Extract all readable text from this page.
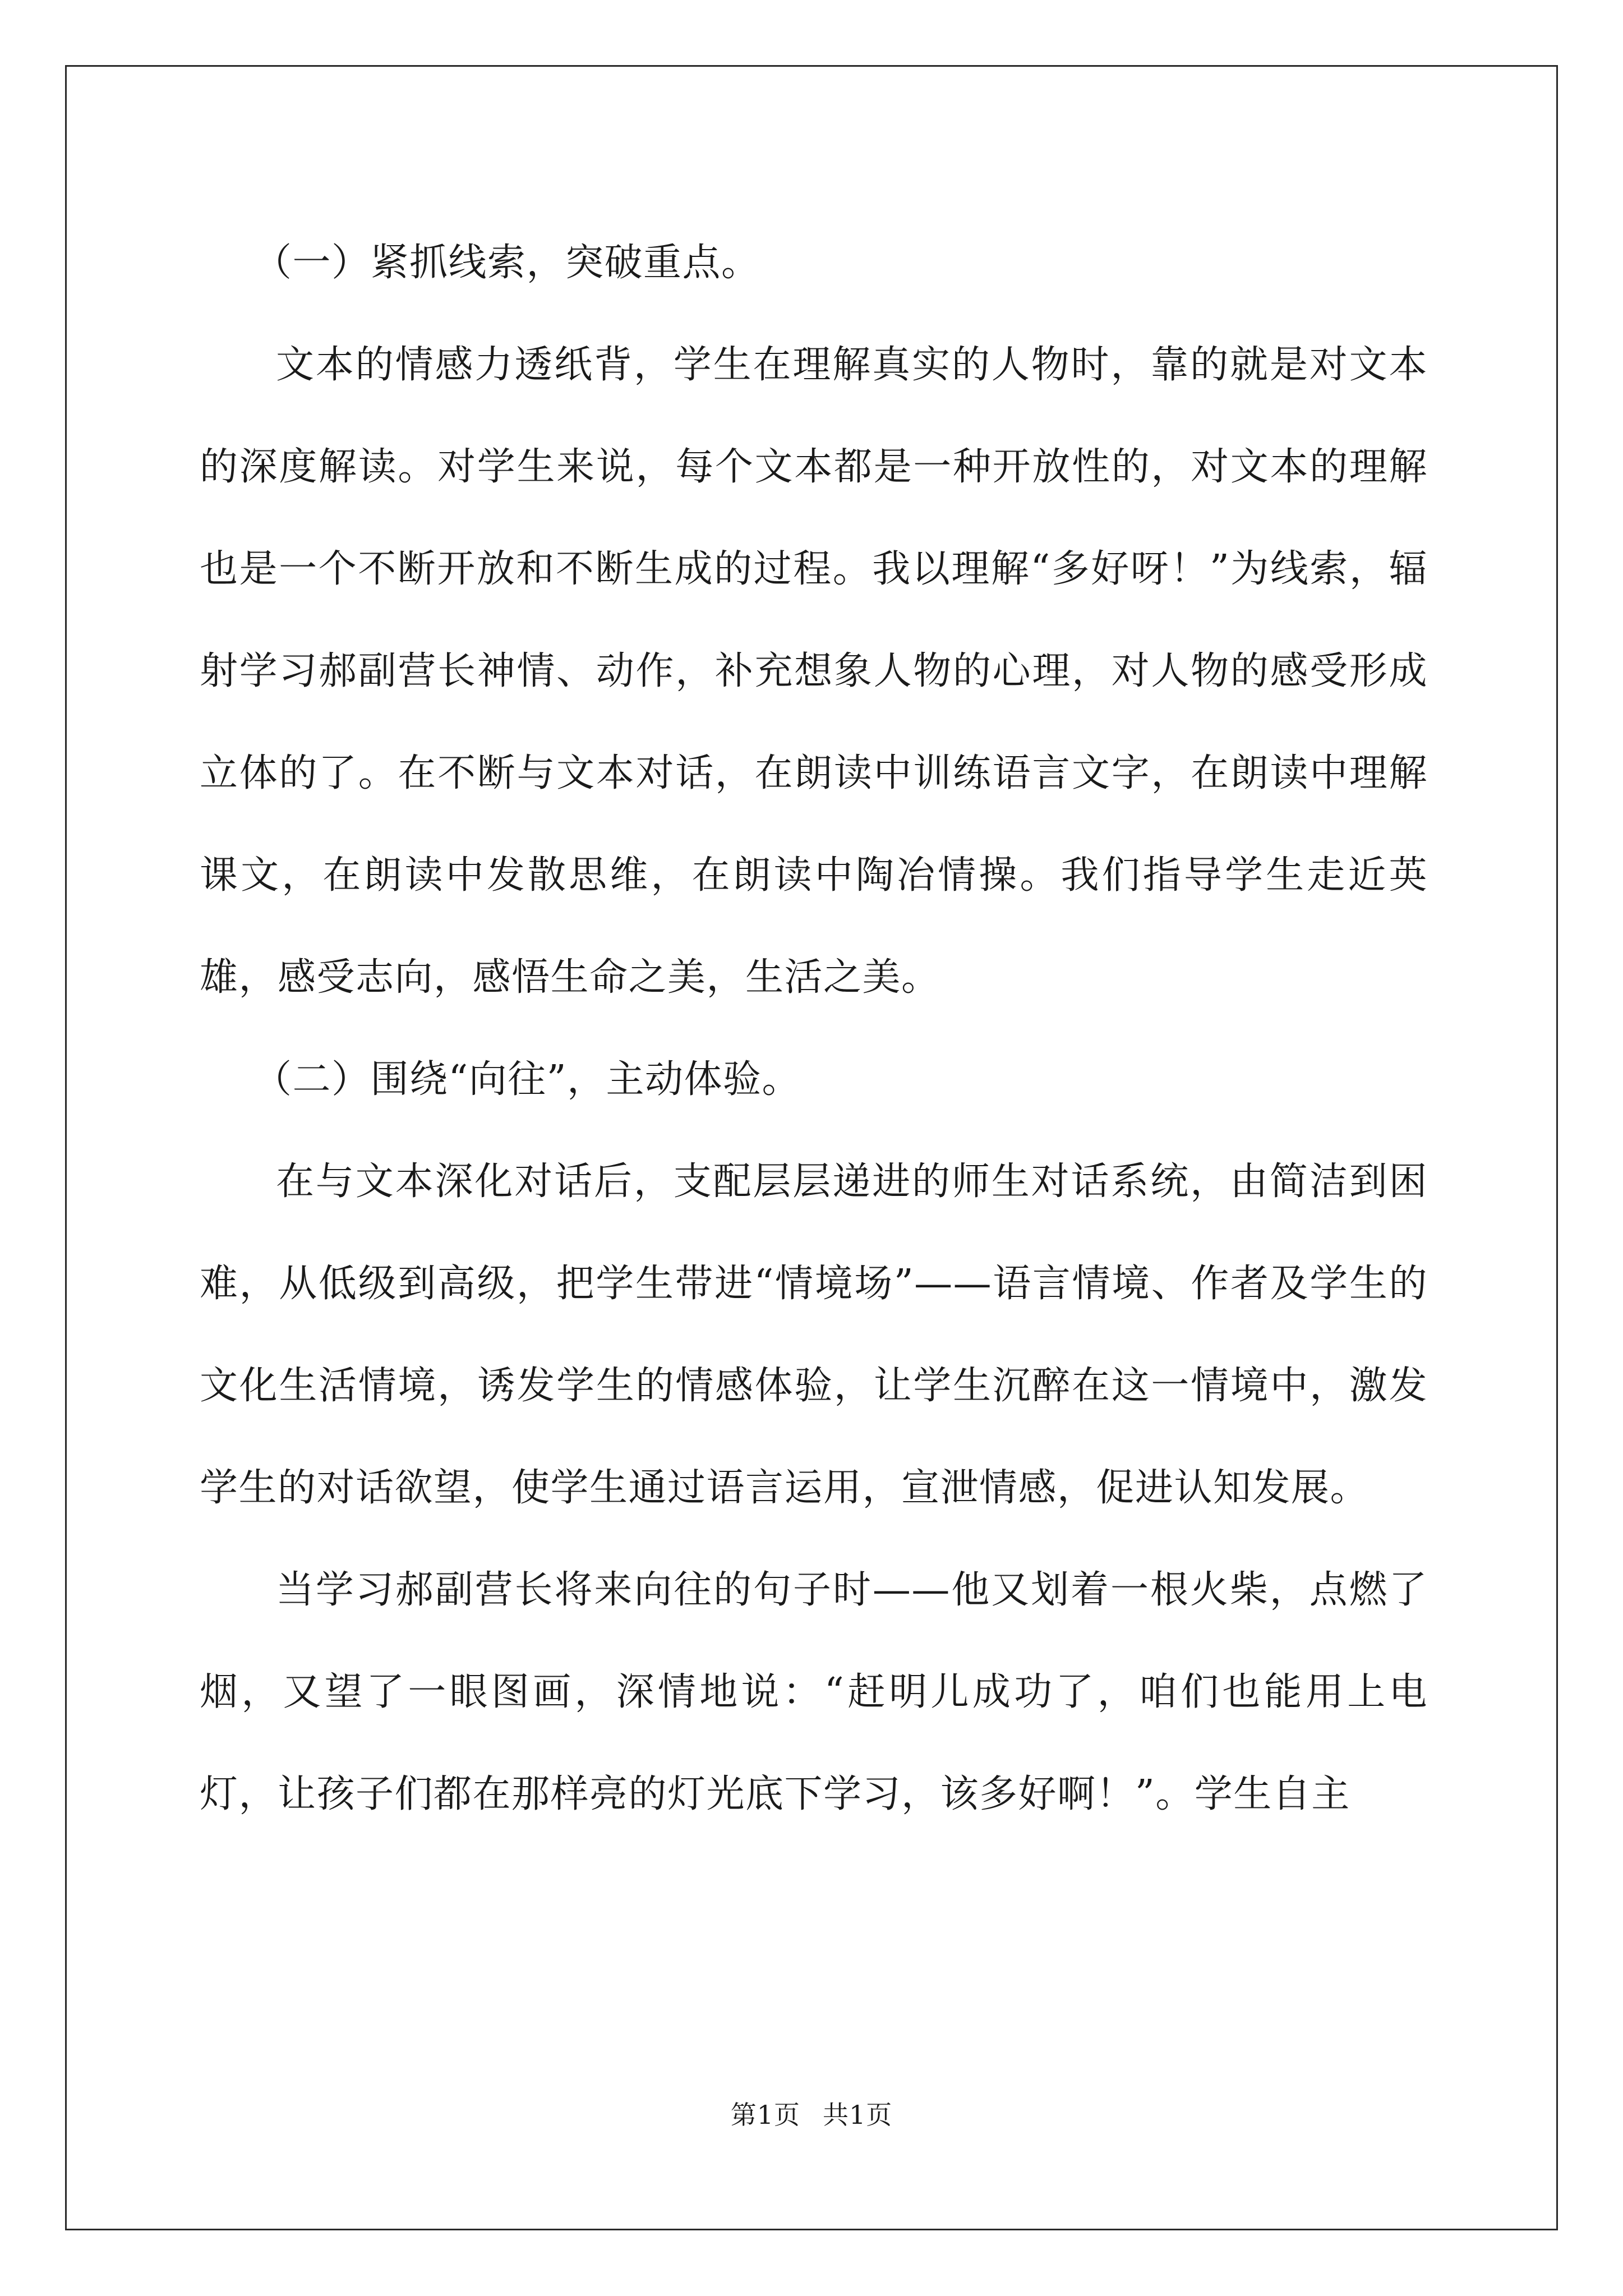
（一）紧抓线索，突破重点。

文本的情感力透纸背，学生在理解真实的人物时，靠的就是对文本的深度解读。对学生来说，每个文本都是一种开放性的，对文本的理解也是一个不断开放和不断生成的过程。我以理解“多好呀！”为线索，辐射学习郝副营长神情、动作，补充想象人物的心理，对人物的感受形成立体的了。在不断与文本对话，在朗读中训练语言文字，在朗读中理解课文，在朗读中发散思维，在朗读中陶冶情操。我们指导学生走近英雄，感受志向，感悟生命之美，生活之美。

（二）围绕“向往”，主动体验。

在与文本深化对话后，支配层层递进的师生对话系统，由简洁到困难，从低级到高级，把学生带进“情境场”——语言情境、作者及学生的文化生活情境，诱发学生的情感体验，让学生沉醉在这一情境中，激发学生的对话欲望，使学生通过语言运用，宣泄情感，促进认知发展。

当学习郝副营长将来向往的句子时——他又划着一根火柴，点燃了烟，又望了一眼图画，深情地说：“赶明儿成功了，咱们也能用上电灯，让孩子们都在那样亮的灯光底下学习，该多好啊！”。学生自主

第1页 共1页
